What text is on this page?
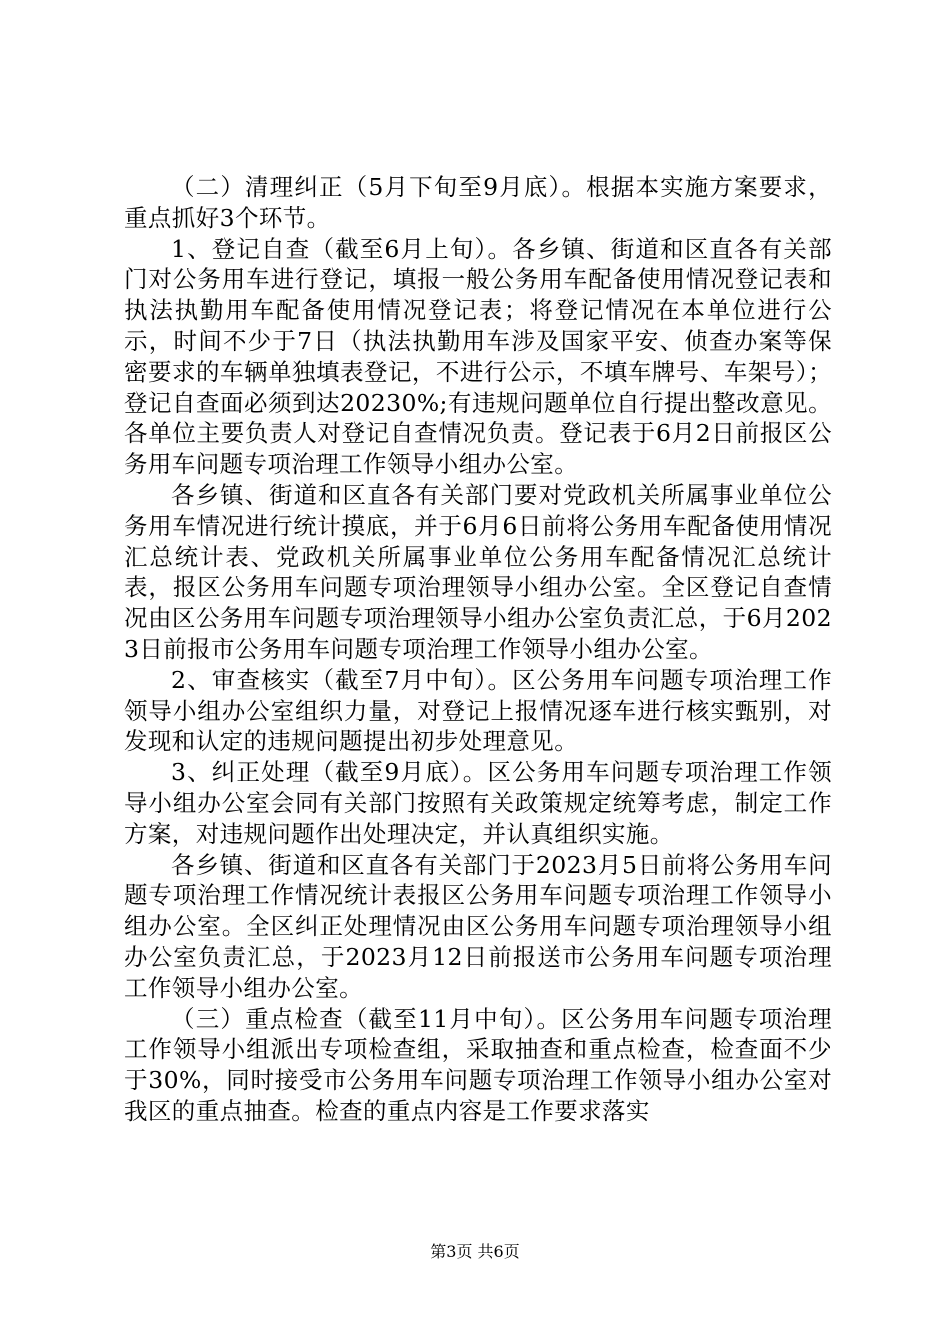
（二）清理纠正（5月下旬至9月底）。根据本实施方案要求，重点抓好3个环节。

1、登记自查（截至6月上旬）。各乡镇、街道和区直各有关部门对公务用车进行登记，填报一般公务用车配备使用情况登记表和执法执勤用车配备使用情况登记表；将登记情况在本单位进行公示，时间不少于7日（执法执勤用车涉及国家平安、侦查办案等保密要求的车辆单独填表登记，不进行公示，不填车牌号、车架号）；登记自查面必须到达20230%;有违规问题单位自行提出整改意见。各单位主要负责人对登记自查情况负责。登记表于6月2日前报区公务用车问题专项治理工作领导小组办公室。

各乡镇、街道和区直各有关部门要对党政机关所属事业单位公务用车情况进行统计摸底，并于6月6日前将公务用车配备使用情况汇总统计表、党政机关所属事业单位公务用车配备情况汇总统计表，报区公务用车问题专项治理领导小组办公室。全区登记自查情况由区公务用车问题专项治理领导小组办公室负责汇总，于6月2023日前报市公务用车问题专项治理工作领导小组办公室。

2、审查核实（截至7月中旬）。区公务用车问题专项治理工作领导小组办公室组织力量，对登记上报情况逐车进行核实甄别，对发现和认定的违规问题提出初步处理意见。

3、纠正处理（截至9月底）。区公务用车问题专项治理工作领导小组办公室会同有关部门按照有关政策规定统筹考虑，制定工作方案，对违规问题作出处理决定，并认真组织实施。

各乡镇、街道和区直各有关部门于2023月5日前将公务用车问题专项治理工作情况统计表报区公务用车问题专项治理工作领导小组办公室。全区纠正处理情况由区公务用车问题专项治理领导小组办公室负责汇总，于2023月12日前报送市公务用车问题专项治理工作领导小组办公室。

（三）重点检查（截至11月中旬）。区公务用车问题专项治理工作领导小组派出专项检查组，采取抽查和重点检查，检查面不少于30%，同时接受市公务用车问题专项治理工作领导小组办公室对我区的重点抽查。检查的重点内容是工作要求落实

第3页 共6页
